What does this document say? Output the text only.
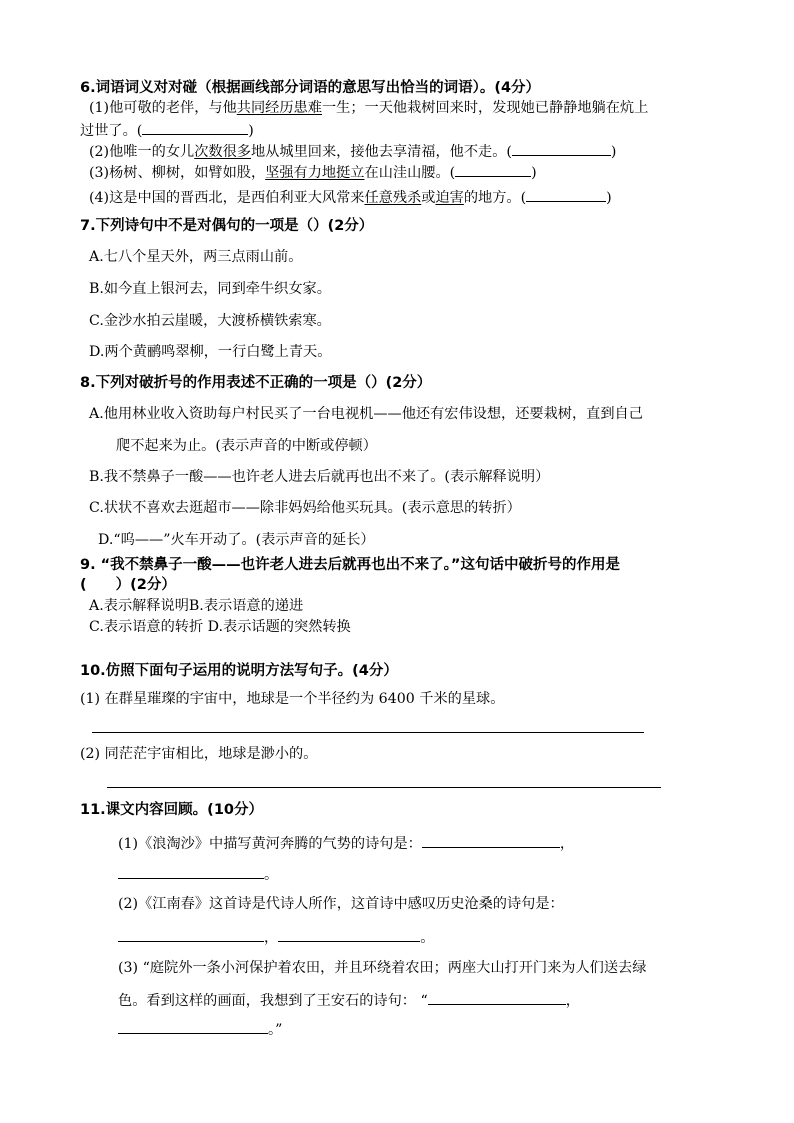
6.词语词义对对碰（根据画线部分词语的意思写出恰当的词语）。(4分）
(1)他可敬的老伴，与他共同经历患难一生；一天他栽树回来时，发现她已静静地躺在炕上
过世了。(	)
(2)他唯一的女儿次数很多地从城里回来，接他去享清福，他不走。(	)
(3)杨树、柳树，如臂如股，坚强有力地挺立在山洼山腰。(	)
(4)这是中国的晋西北，是西伯利亚大风常来任意残杀或迫害的地方。(	)
7.下列诗句中不是对偶句的一项是（）(2分）
A.七八个星天外，两三点雨山前。
B.如今直上银河去，同到牵牛织女家。
C.金沙水拍云崖暖，大渡桥横铁索寒。
D.两个黄鹂鸣翠柳，一行白鹭上青天。
8.下列对破折号的作用表述不正确的一项是（）(2分）
A.他用林业收入资助每户村民买了一台电视机——他还有宏伟设想，还要栽树，直到自己
爬不起来为止。(表示声音的中断或停顿）
B.我不禁鼻子一酸——也许老人进去后就再也出不来了。(表示解释说明）
C.状状不喜欢去逛超市——除非妈妈给他买玩具。(表示意思的转折）
D.“呜——”火车开动了。(表示声音的延长）
9. “我不禁鼻子一酸——也许老人进去后就再也出不来了。”这句话中破折号的作用是
(　　）(2分）
A.表示解释说明B.表示语意的递进
C.表示语意的转折 D.表示话题的突然转换
10.仿照下面句子运用的说明方法写句子。(4分）
(1) 在群星璀璨的宇宙中，地球是一个半径约为 6400 千米的星球。
(2) 同茫茫宇宙相比，地球是渺小的。
11.课文内容回顾。(10分）
(1)《浪淘沙》中描写黄河奔腾的气势的诗句是：	，
。
(2)《江南春》这首诗是代诗人所作，这首诗中感叹历史沧桑的诗句是：
，	。
(3) “庭院外一条小河保护着农田，并且环绕着农田；两座大山打开门来为人们送去绿
色。看到这样的画面，我想到了王安石的诗句： “	，
。”
